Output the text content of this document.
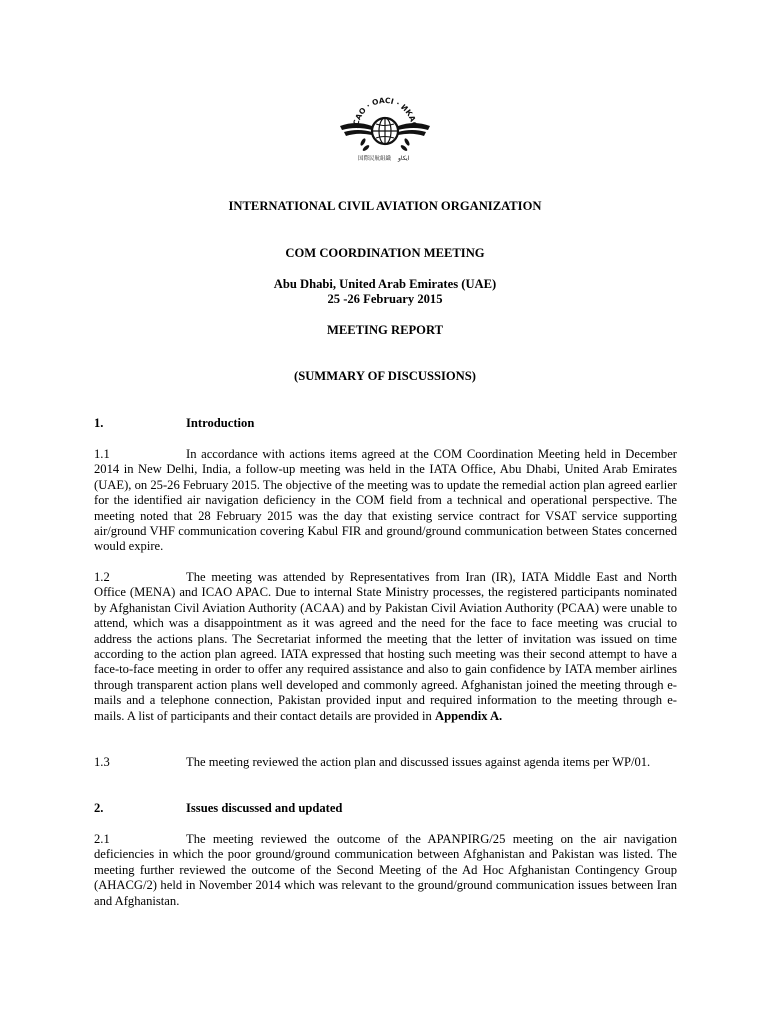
ICAO · OACI · ИКАО
国際民航組織 ايكاو
INTERNATIONAL CIVIL AVIATION ORGANIZATION
COM COORDINATION MEETING
Abu Dhabi, United Arab Emirates (UAE)
25 -26 February 2015
MEETING REPORT
(SUMMARY OF DISCUSSIONS)
1.	Introduction
1.1	In accordance with actions items agreed at the COM Coordination Meeting held in December 2014 in New Delhi, India, a follow-up meeting was held in the IATA Office, Abu Dhabi, United Arab Emirates (UAE), on 25-26 February 2015. The objective of the meeting was to update the remedial action plan agreed earlier for the identified air navigation deficiency in the COM field from a technical and operational perspective. The meeting noted that 28 February 2015 was the day that existing service contract for VSAT service supporting air/ground VHF communication covering Kabul FIR and ground/ground communication between States concerned would expire.
1.2	The meeting was attended by Representatives from Iran (IR), IATA Middle East and North Office (MENA) and ICAO APAC. Due to internal State Ministry processes, the registered participants nominated by Afghanistan Civil Aviation Authority (ACAA) and by Pakistan Civil Aviation Authority (PCAA) were unable to attend, which was a disappointment as it was agreed and the need for the face to face meeting was crucial to address the actions plans. The Secretariat informed the meeting that the letter of invitation was issued on time according to the action plan agreed. IATA expressed that hosting such meeting was their second attempt to have a face-to-face meeting in order to offer any required assistance and also to gain confidence by IATA member airlines through transparent action plans well developed and commonly agreed. Afghanistan joined the meeting through e-mails and a telephone connection, Pakistan provided input and required information to the meeting through e-mails. A list of participants and their contact details are provided in Appendix A.
1.3	The meeting reviewed the action plan and discussed issues against agenda items per WP/01.
2.	Issues discussed and updated
2.1	The meeting reviewed the outcome of the APANPIRG/25 meeting on the air navigation deficiencies in which the poor ground/ground communication between Afghanistan and Pakistan was listed. The meeting further reviewed the outcome of the Second Meeting of the Ad Hoc Afghanistan Contingency Group (AHACG/2) held in November 2014 which was relevant to the ground/ground communication issues between Iran and Afghanistan.
